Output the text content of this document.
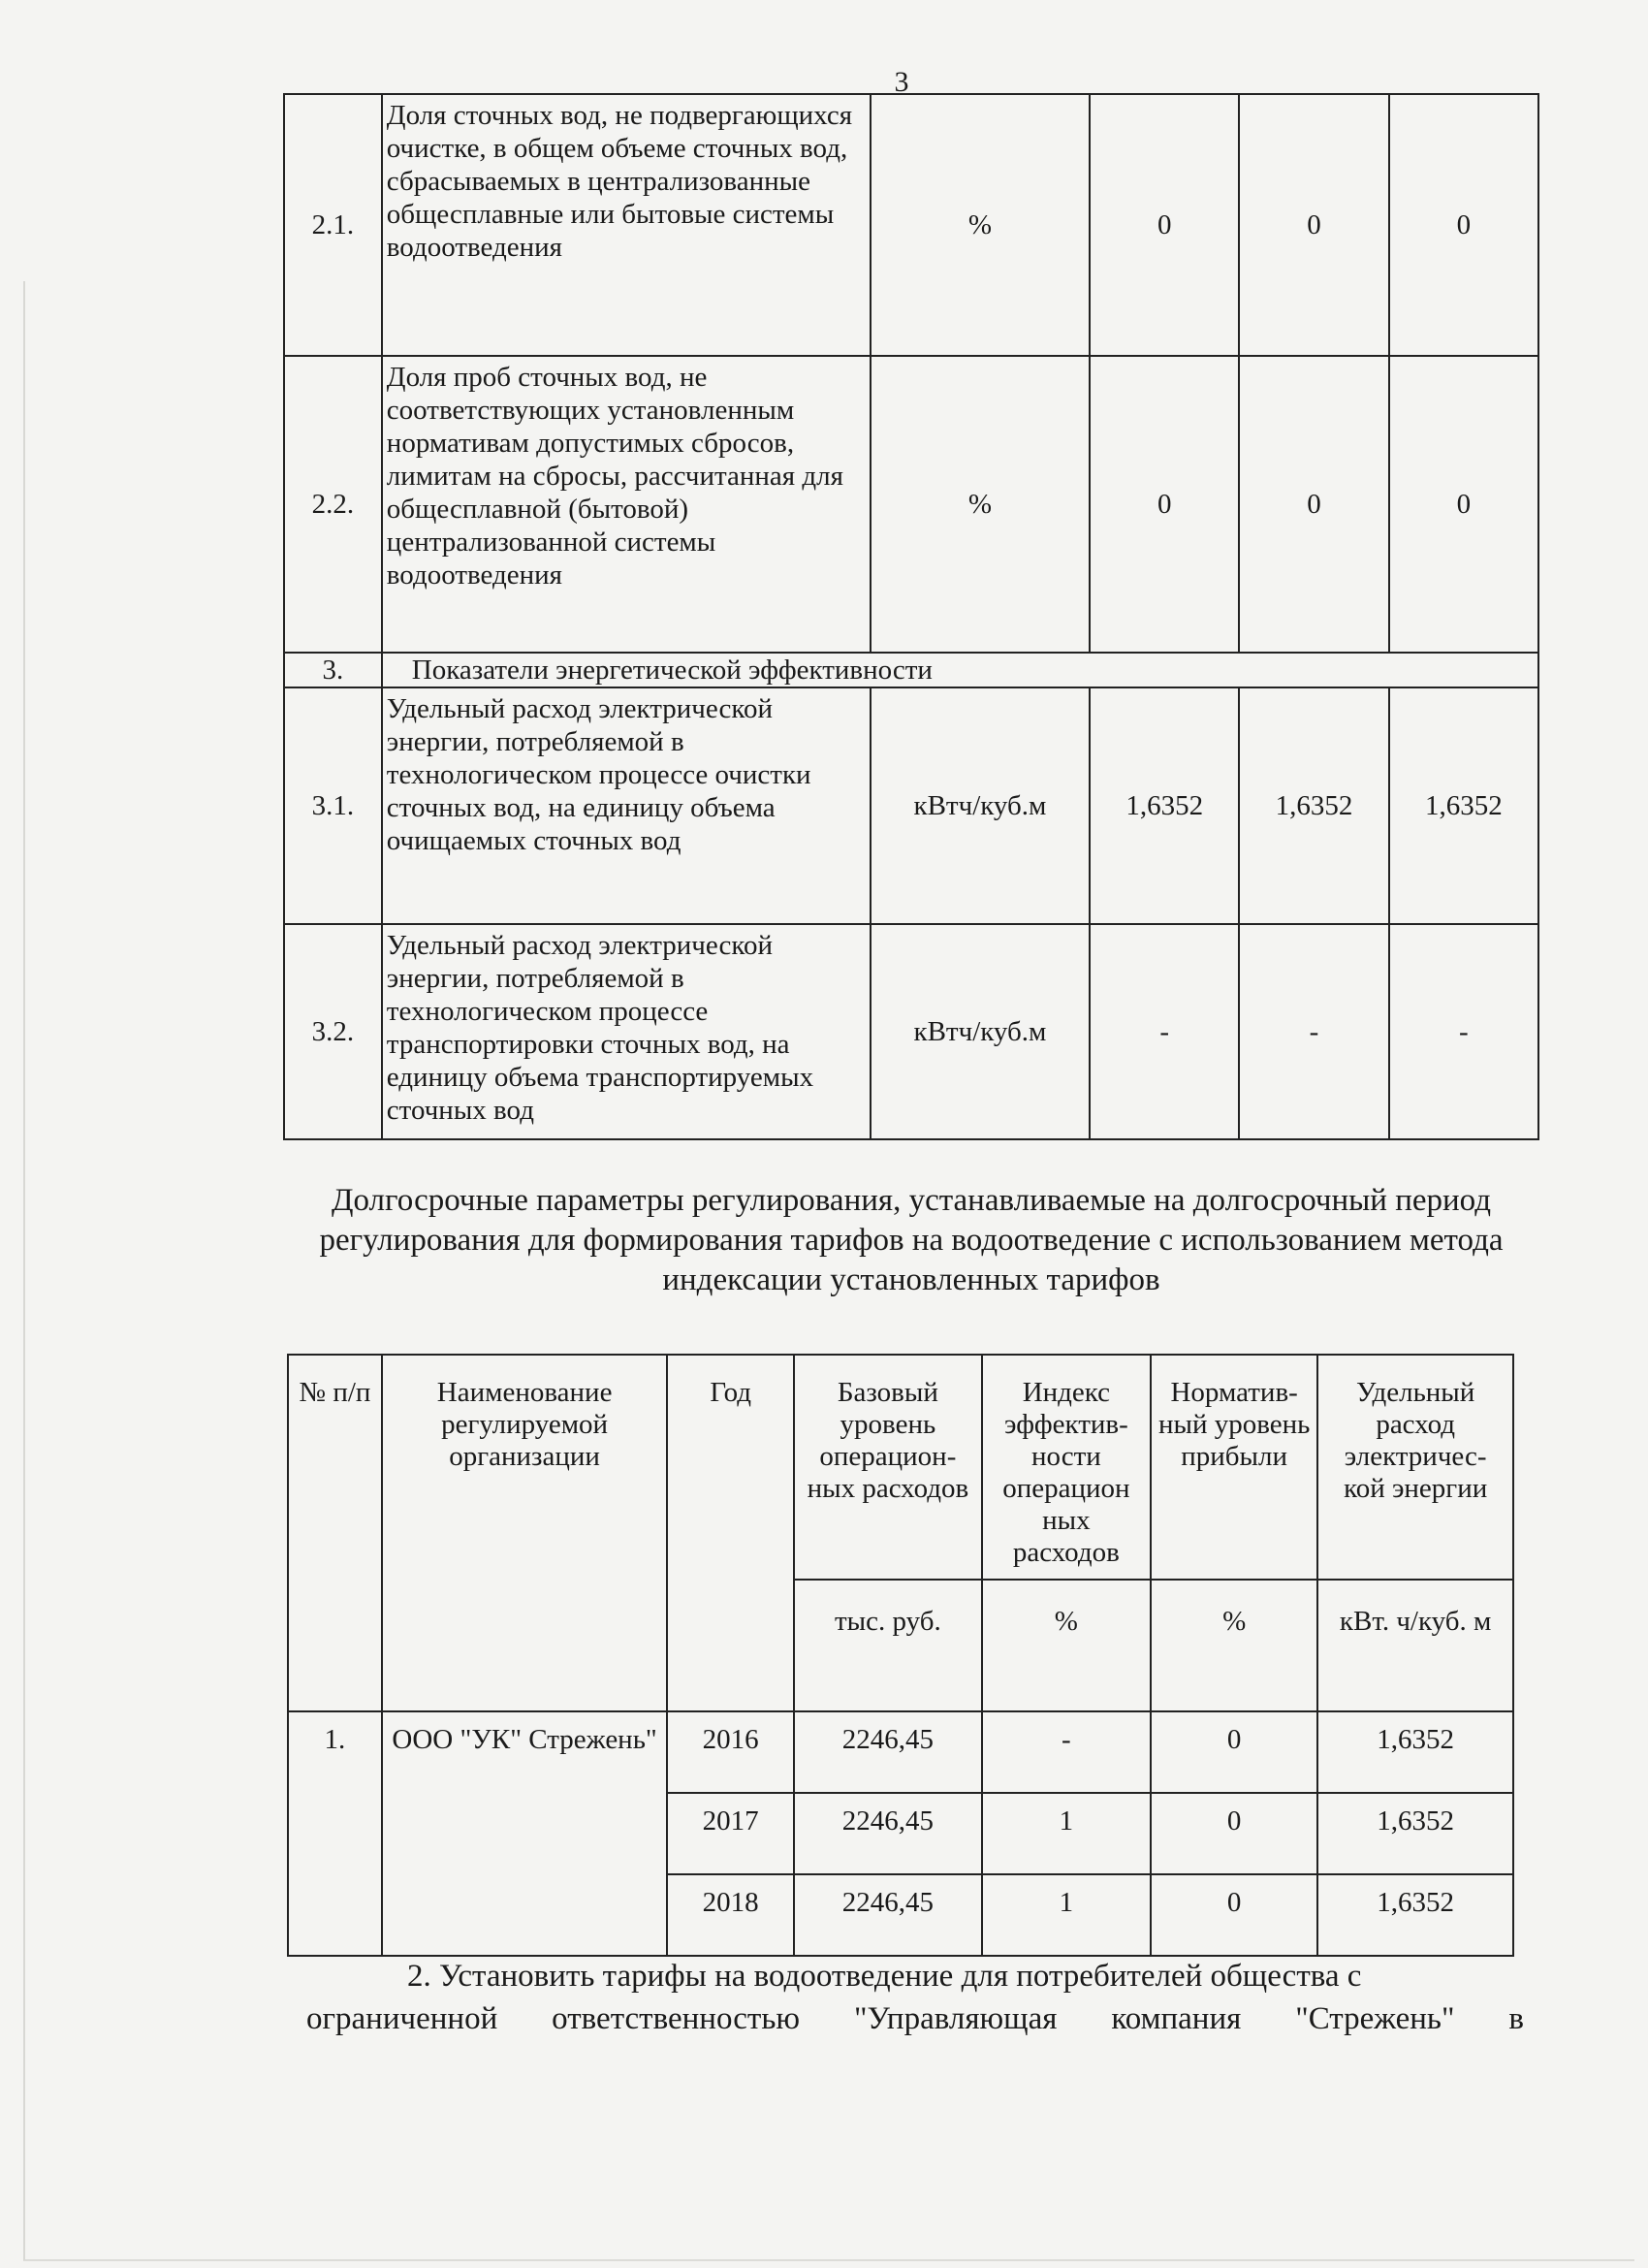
3
2.1.	Доля сточных вод, не подвергающихся очистке, в общем объеме сточных вод, сбрасываемых в централизованные общесплавные или бытовые системы водоотведения	%	0	0	0
2.2.	Доля проб сточных вод, не соответствующих установленным нормативам допустимых сбросов, лимитам на сбросы, рассчитанная для общесплавной (бытовой) централизованной системы водоотведения	%	0	0	0
3.	Показатели энергетической эффективности				
3.1.	Удельный расход электрической энергии, потребляемой в технологическом процессе очистки сточных вод, на единицу объема очищаемых сточных вод	кВтч/куб.м	1,6352	1,6352	1,6352
3.2.	Удельный расход электрической энергии, потребляемой в технологическом процессе транспортировки сточных вод, на единицу объема транспортируемых сточных вод	кВтч/куб.м	-	-	-
Долгосрочные параметры регулирования, устанавливаемые на долгосрочный период регулирования для формирования тарифов на водоотведение с использованием метода индексации установленных тарифов
№ п/п	Наименование регулируемой организации	Год	Базовый уровень операцион- ных расходов	Индекс эффектив- ности операцион ных расходов	Норматив- ный уровень прибыли	Удельный расход электричес- кой энергии
			тыс. руб.	%	%	кВт. ч/куб. м
1.	ООО "УК" Стрежень"	2016	2246,45	-	0	1,6352
		2017	2246,45	1	0	1,6352
		2018	2246,45	1	0	1,6352
2. Установить тарифы на водоотведение для потребителей общества с
ограниченной ответственностью "Управляющая компания "Стрежень" в
